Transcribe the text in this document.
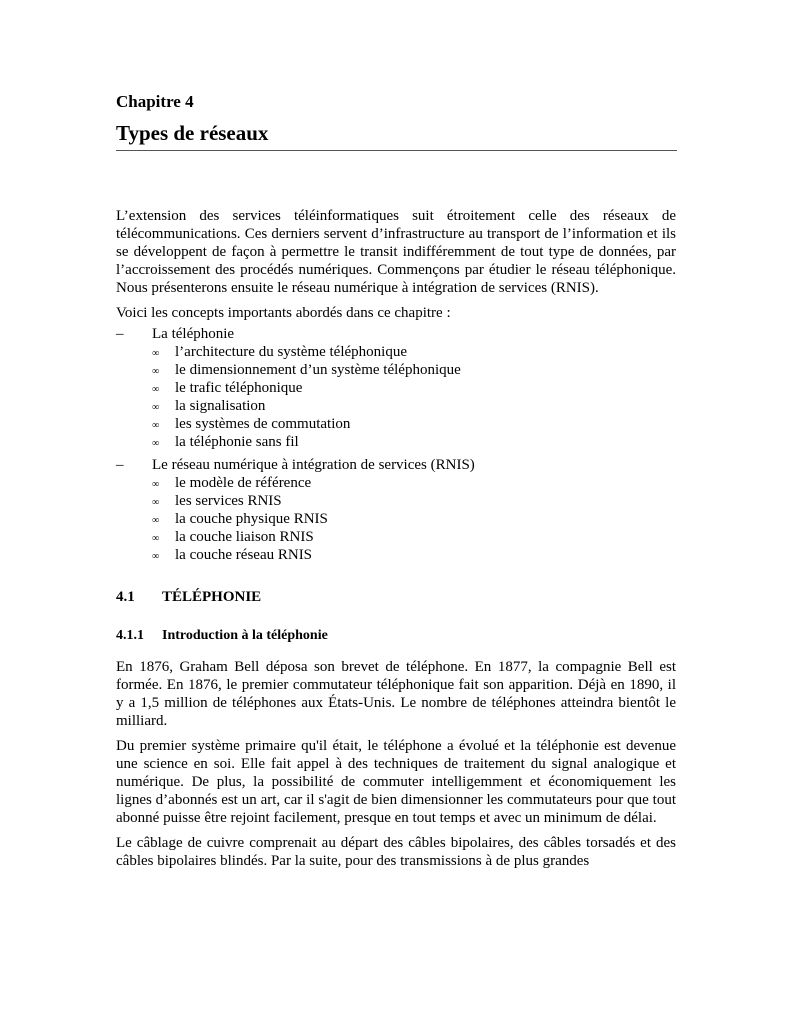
Chapitre 4
Types de réseaux

L’extension des services téléinformatiques suit étroitement celle des réseaux de télécommunications. Ces derniers servent d’infrastructure au transport de l’information et ils se développent de façon à permettre le transit indifféremment de tout type de données, par l’accroissement des procédés numériques. Commençons par étudier le réseau téléphonique. Nous présenterons ensuite le réseau numérique à intégration de services (RNIS).

Voici les concepts importants abordés dans ce chapitre :

– La téléphonie
∞ l’architecture du système téléphonique
∞ le dimensionnement d’un système téléphonique
∞ le trafic téléphonique
∞ la signalisation
∞ les systèmes de commutation
∞ la téléphonie sans fil
– Le réseau numérique à intégration de services (RNIS)
∞ le modèle de référence
∞ les services RNIS
∞ la couche physique RNIS
∞ la couche liaison RNIS
∞ la couche réseau RNIS
4.1 TÉLÉPHONIE
4.1.1 Introduction à la téléphonie

En 1876, Graham Bell déposa son brevet de téléphone. En 1877, la compagnie Bell est formée. En 1876, le premier commutateur téléphonique fait son apparition. Déjà en 1890, il y a 1,5 million de téléphones aux États-Unis. Le nombre de téléphones atteindra bientôt le milliard.

Du premier système primaire qu'il était, le téléphone a évolué et la téléphonie est devenue une science en soi. Elle fait appel à des techniques de traitement du signal analogique et numérique. De plus, la possibilité de commuter intelligemment et économiquement les lignes d’abonnés est un art, car il s'agit de bien dimensionner les commutateurs pour que tout abonné puisse être rejoint facilement, presque en tout temps et avec un minimum de délai.

Le câblage de cuivre comprenait au départ des câbles bipolaires, des câbles torsadés et des câbles bipolaires blindés. Par la suite, pour des transmissions à de plus grandes
